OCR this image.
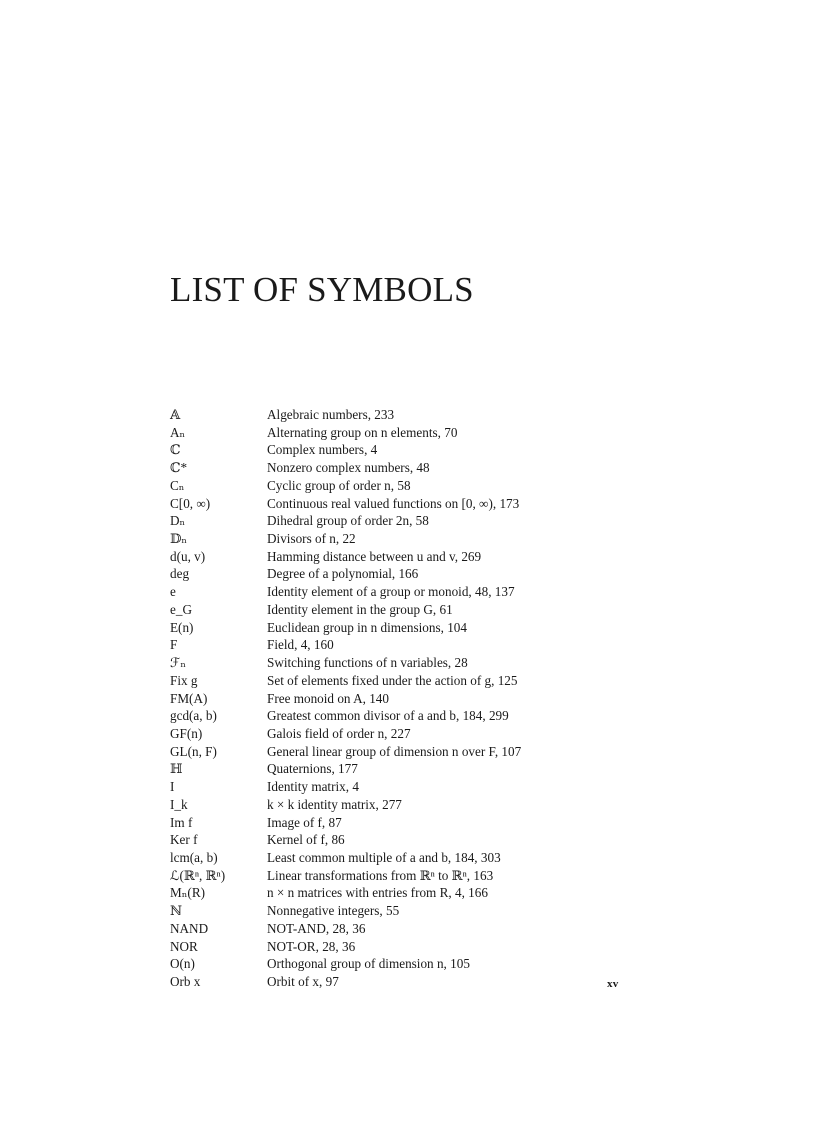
LIST OF SYMBOLS
𝔸	Algebraic numbers, 233
Aₙ	Alternating group on n elements, 70
ℂ	Complex numbers, 4
ℂ*	Nonzero complex numbers, 48
Cₙ	Cyclic group of order n, 58
C[0, ∞)	Continuous real valued functions on [0, ∞), 173
Dₙ	Dihedral group of order 2n, 58
𝔻ₙ	Divisors of n, 22
d(u, v)	Hamming distance between u and v, 269
deg	Degree of a polynomial, 166
e	Identity element of a group or monoid, 48, 137
e_G	Identity element in the group G, 61
E(n)	Euclidean group in n dimensions, 104
F	Field, 4, 160
ℱₙ	Switching functions of n variables, 28
Fix g	Set of elements fixed under the action of g, 125
FM(A)	Free monoid on A, 140
gcd(a, b)	Greatest common divisor of a and b, 184, 299
GF(n)	Galois field of order n, 227
GL(n, F)	General linear group of dimension n over F, 107
ℍ	Quaternions, 177
I	Identity matrix, 4
I_k	k × k identity matrix, 277
Im f	Image of f, 87
Ker f	Kernel of f, 86
lcm(a, b)	Least common multiple of a and b, 184, 303
ℒ(ℝⁿ, ℝⁿ)	Linear transformations from ℝⁿ to ℝⁿ, 163
Mₙ(R)	n × n matrices with entries from R, 4, 166
ℕ	Nonnegative integers, 55
NAND	NOT-AND, 28, 36
NOR	NOT-OR, 28, 36
O(n)	Orthogonal group of dimension n, 105
Orb x	Orbit of x, 97	xv
